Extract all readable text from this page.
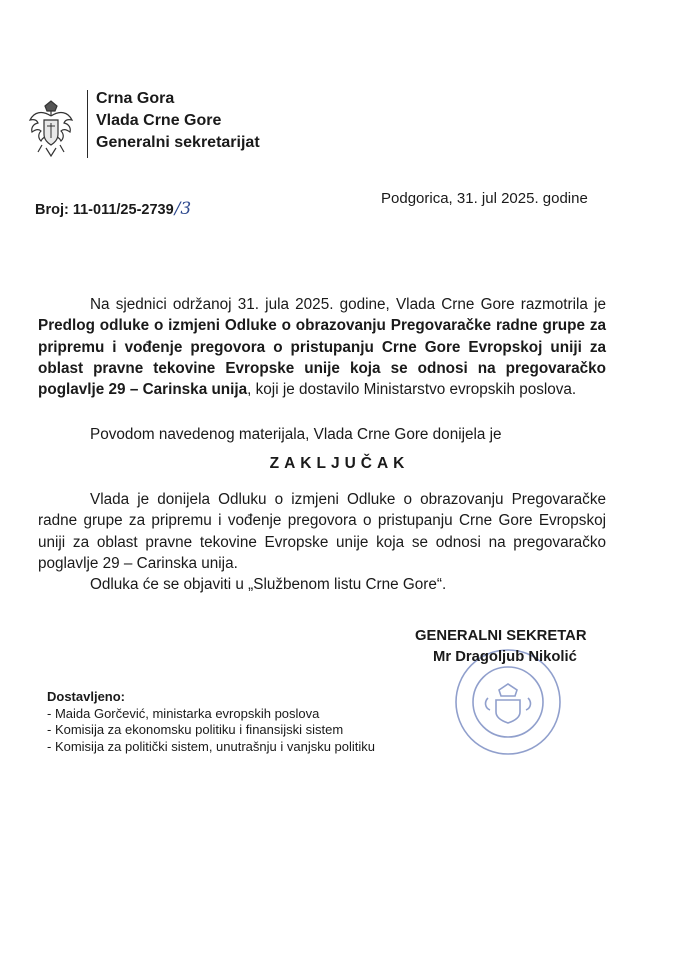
Crna Gora
Vlada Crne Gore
Generalni sekretarijat
Broj: 11-011/25-2739/3
Podgorica, 31. jul 2025. godine
Na sjednici održanoj 31. jula 2025. godine, Vlada Crne Gore razmotrila je Predlog odluke o izmjeni Odluke o obrazovanju Pregovaračke radne grupe za pripremu i vođenje pregovora o pristupanju Crne Gore Evropskoj uniji za oblast pravne tekovine Evropske unije koja se odnosi na pregovaračko poglavlje 29 – Carinska unija, koji je dostavilo Ministarstvo evropskih poslova.
Povodom navedenog materijala, Vlada Crne Gore donijela je
ZAKLJUČAK
Vlada je donijela Odluku o izmjeni Odluke o obrazovanju Pregovaračke radne grupe za pripremu i vođenje pregovora o pristupanju Crne Gore Evropskoj uniji za oblast pravne tekovine Evropske unije koja se odnosi na pregovaračko poglavlje 29 – Carinska unija.
Odluka će se objaviti u „Službenom listu Crne Gore“.
GENERALNI SEKRETAR
Mr Dragoljub Nikolić
Dostavljeno:
- Maida Gorčević, ministarka evropskih poslova
- Komisija za ekonomsku politiku i finansijski sistem
- Komisija za politički sistem, unutrašnju i vanjsku politiku
